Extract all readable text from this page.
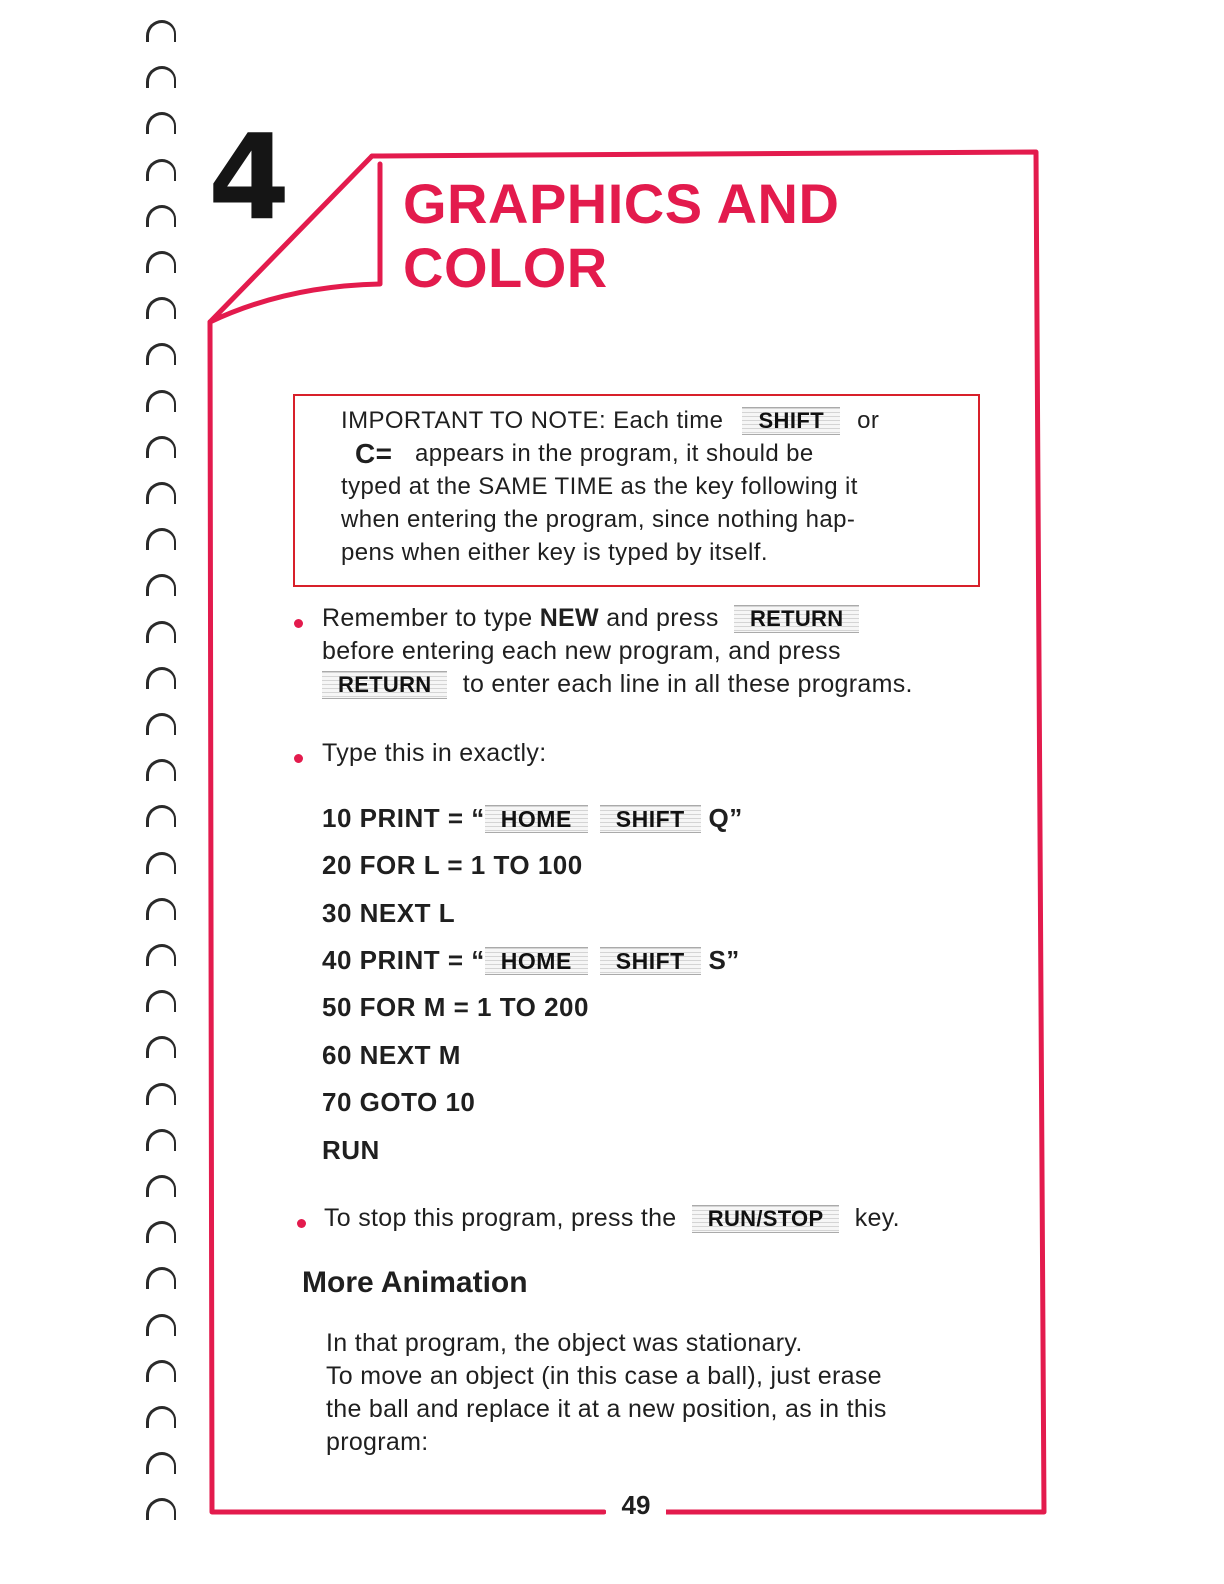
4 GRAPHICS AND
COLOR
IMPORTANT TO NOTE: Each time SHIFT or
C= appears in the program, it should be
typed at the SAME TIME as the key following it
when entering the program, since nothing hap-
pens when either key is typed by itself.
Remember to type NEW and press RETURN
before entering each new program, and press
RETURN to enter each line in all these programs.
Type this in exactly:
10 PRINT = “ HOME SHIFT Q”
20 FOR L = 1 TO 100
30 NEXT L
40 PRINT = “ HOME SHIFT S”
50 FOR M = 1 TO 200
60 NEXT M
70 GOTO 10
RUN
To stop this program, press the RUN/STOP key.
More Animation
In that program, the object was stationary.
To move an object (in this case a ball), just erase
the ball and replace it at a new position, as in this
program:
49
